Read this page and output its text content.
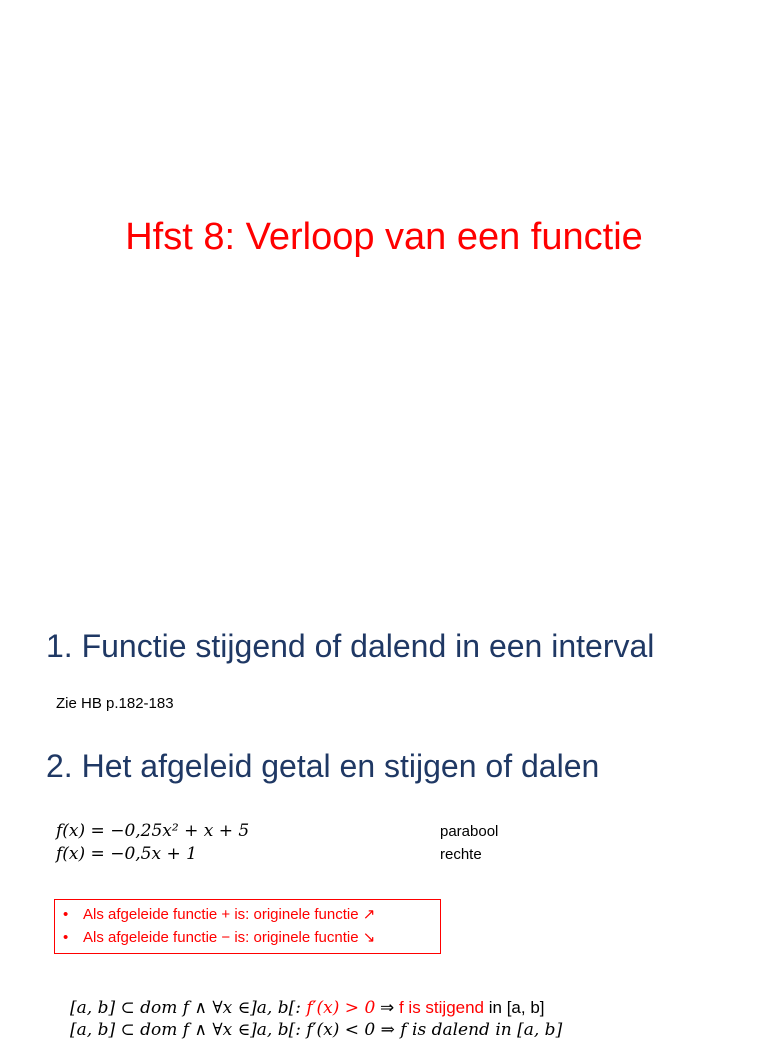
Hfst 8: Verloop van een functie
1. Functie stijgend of dalend in een interval
Zie HB p.182-183
2. Het afgeleid getal en stijgen of dalen
f(x) = −0,25x² + x + 5	parabool
f(x) = −0,5x + 1	rechte
• Als afgeleide functie + is: originele functie ↗
• Als afgeleide functie − is: originele fucntie ↘
[a, b] ⊂ dom f ∧ ∀x ∈]a, b[: f′(x) > 0 ⇒ f is stijgend in [a, b]
[a, b] ⊂ dom f ∧ ∀x ∈]a, b[: f′(x) < 0 ⇒ f is dalend in [a, b]
